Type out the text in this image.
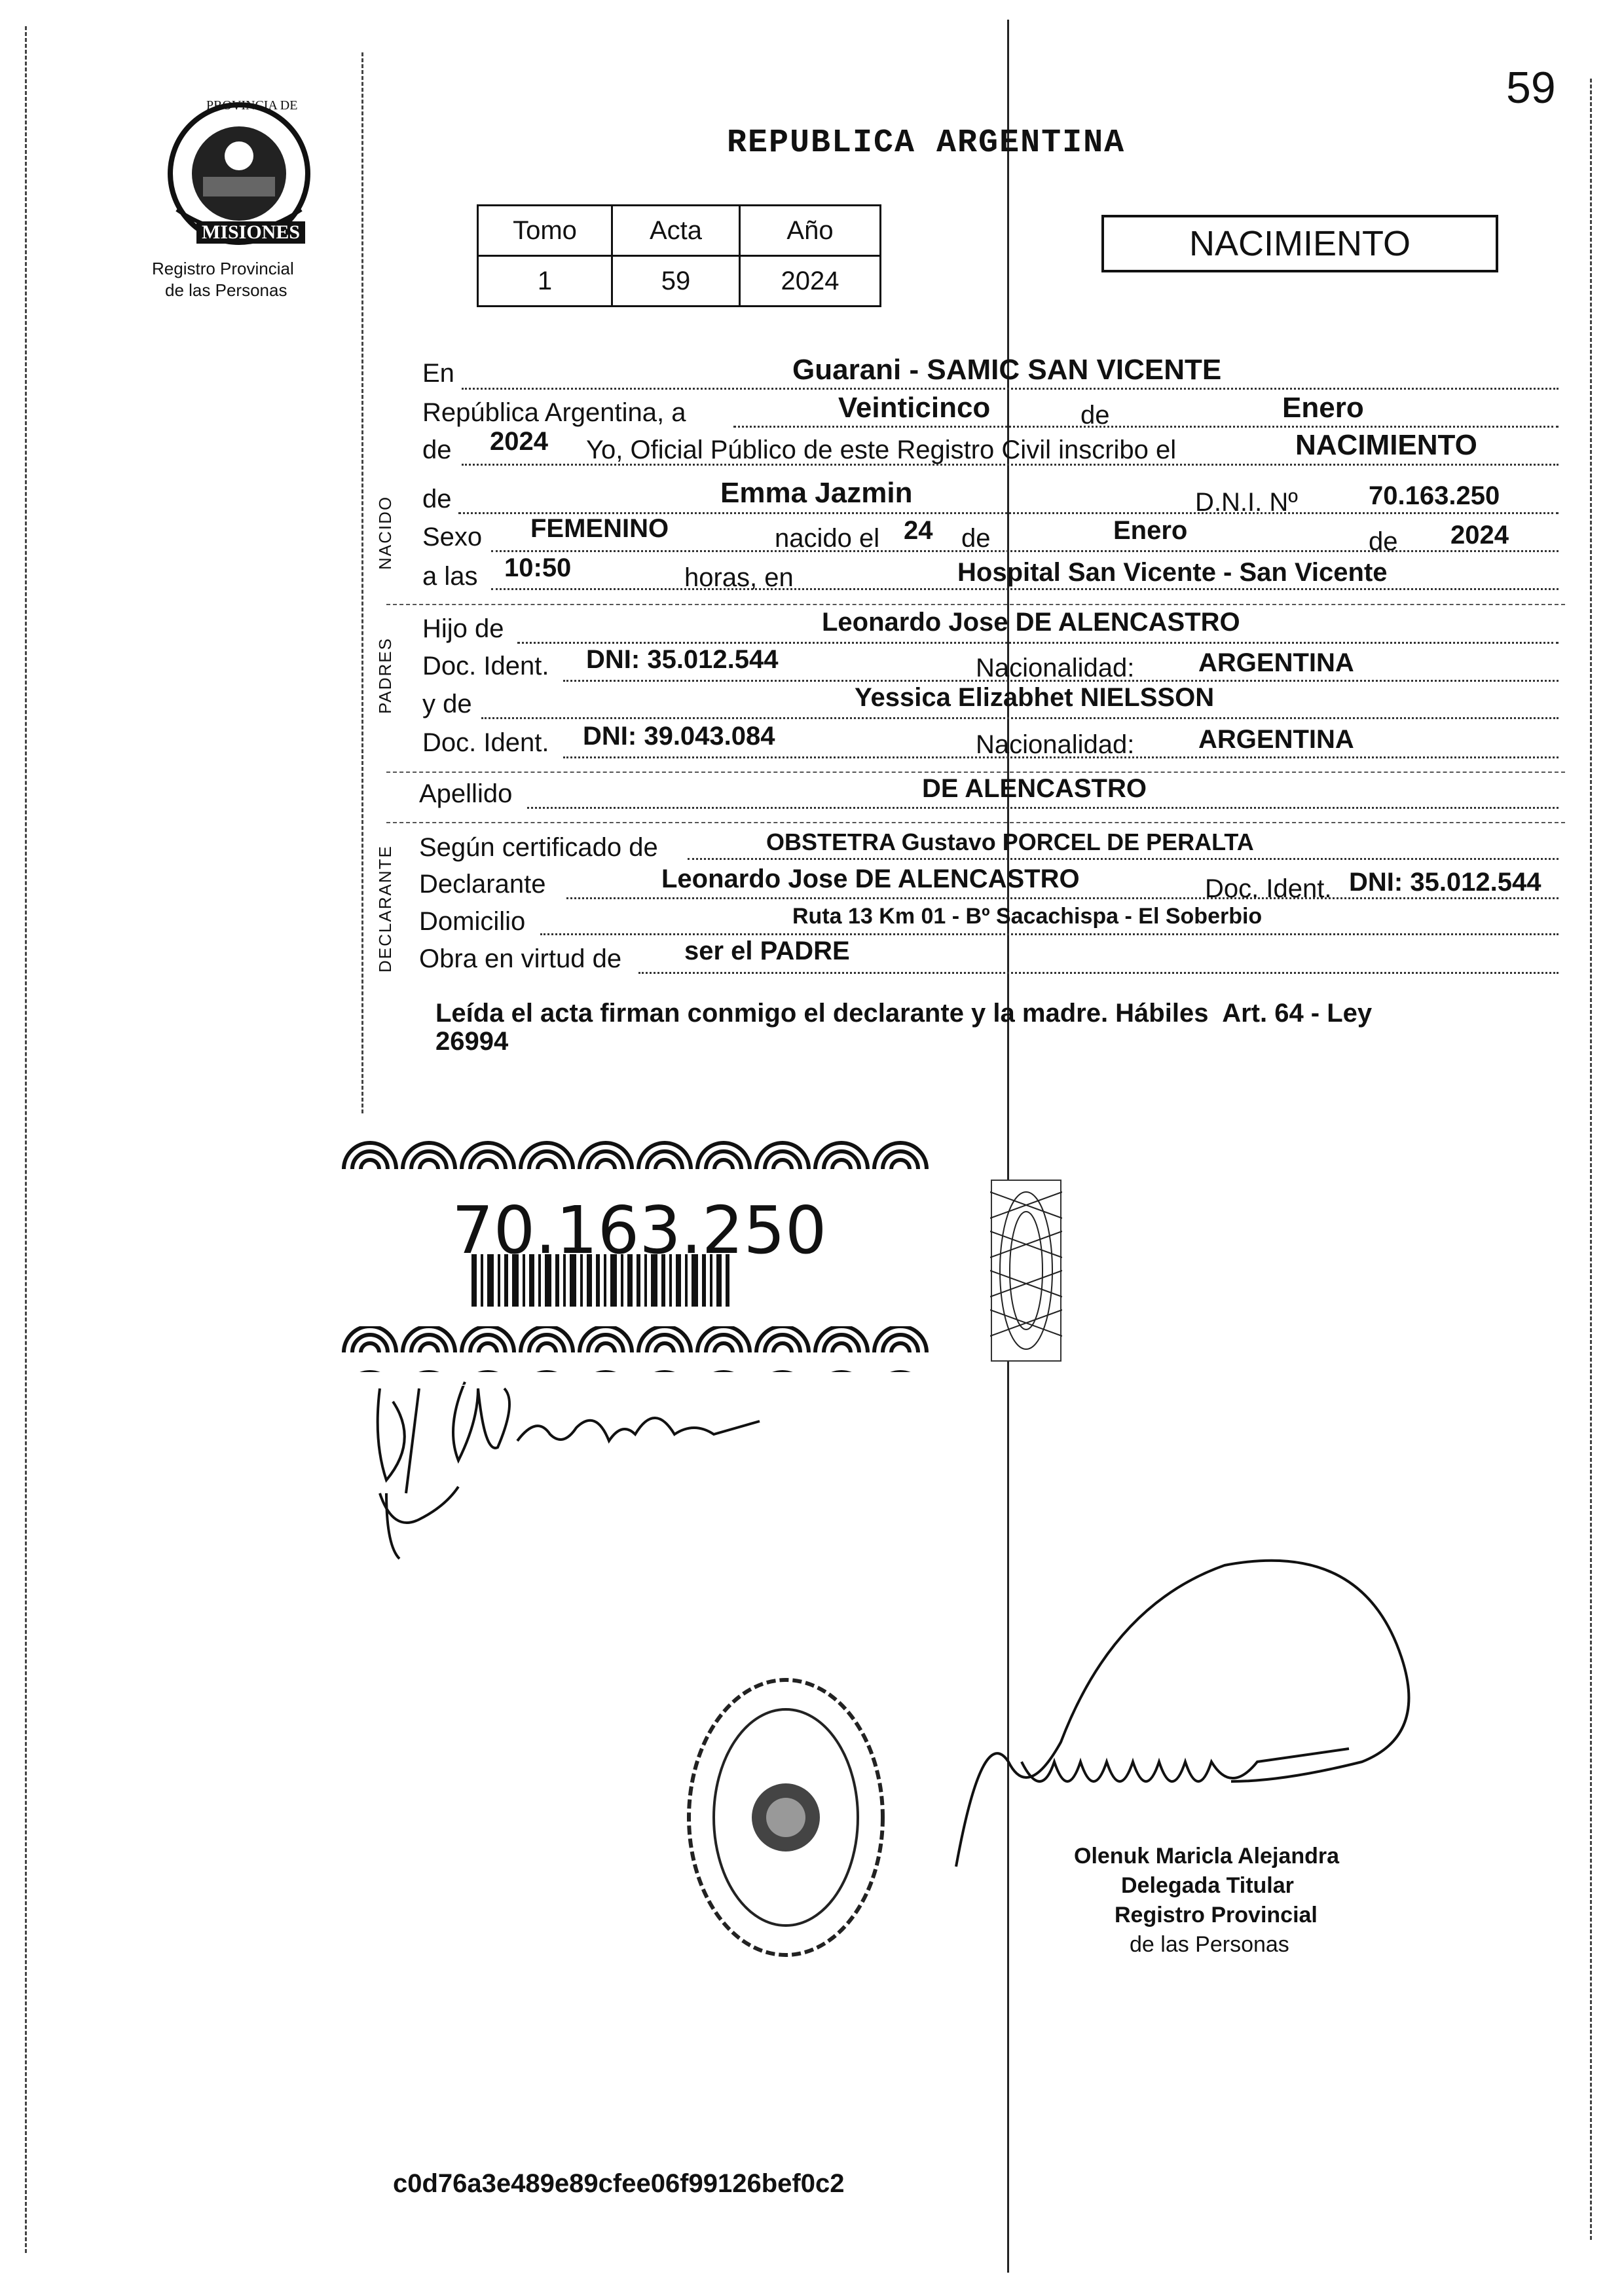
59
PROVINCIA DE
MISIONES
Registro Provincial
de las Personas
REPUBLICA ARGENTINA
Tomo	Acta	Año
1	59	2024
NACIMIENTO
NACIDO
PADRES
DECLARANTE
En	Guarani - SAMIC SAN VICENTE
República Argentina, a	Veinticinco	de	Enero
de 2024 Yo, Oficial Público de este Registro Civil inscribo el	NACIMIENTO
de	Emma Jazmin	D.N.I. Nº	70.163.250
Sexo FEMENINO	nacido el 24 de	Enero	de 2024
a las 10:50	horas, en	Hospital San Vicente - San Vicente
Hijo de	Leonardo Jose DE ALENCASTRO
Doc. Ident. DNI: 35.012.544	Nacionalidad: ARGENTINA
y de	Yessica Elizabhet NIELSSON
Doc. Ident. DNI: 39.043.084	Nacionalidad: ARGENTINA
Apellido	DE ALENCASTRO
Según certificado de	OBSTETRA Gustavo PORCEL DE PERALTA
Declarante	Leonardo Jose DE ALENCASTRO	Doc. Ident. DNI: 35.012.544
Domicilio	Ruta 13 Km 01 - Bº Sacachispa - El Soberbio
Obra en virtud de ser el PADRE
Leída el acta firman conmigo el declarante y la madre. Hábiles  Art. 64 - Ley
26994
70.163.250
DJ Alencastro
Olenuk Maricla Alejandra
Delegada Titular
Registro Provincial
de las Personas
c0d76a3e489e89cfee06f99126bef0c2
